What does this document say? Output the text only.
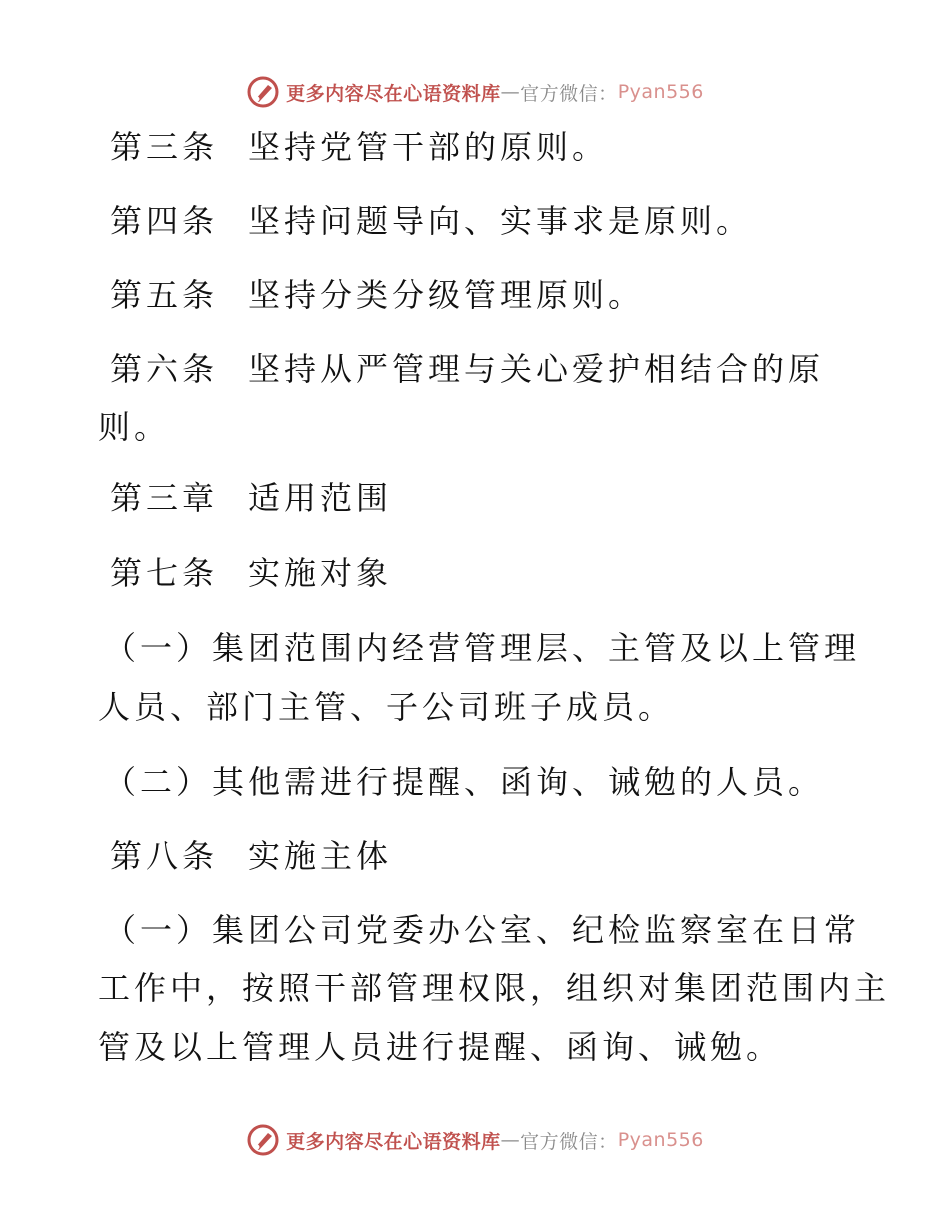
更多内容尽在心语资料库 — 官方微信： Pyan556
第三条 坚持党管干部的原则。
第四条 坚持问题导向、实事求是原则。
第五条 坚持分类分级管理原则。
第六条 坚持从严管理与关心爱护相结合的原
则。
第三章 适用范围
第七条 实施对象
（一）集团范围内经营管理层、主管及以上管理
人员、部门主管、子公司班子成员。
（二）其他需进行提醒、函询、诫勉的人员。
第八条 实施主体
（一）集团公司党委办公室、纪检监察室在日常
工作中，按照干部管理权限，组织对集团范围内主
管及以上管理人员进行提醒、函询、诫勉。
更多内容尽在心语资料库 — 官方微信： Pyan556
